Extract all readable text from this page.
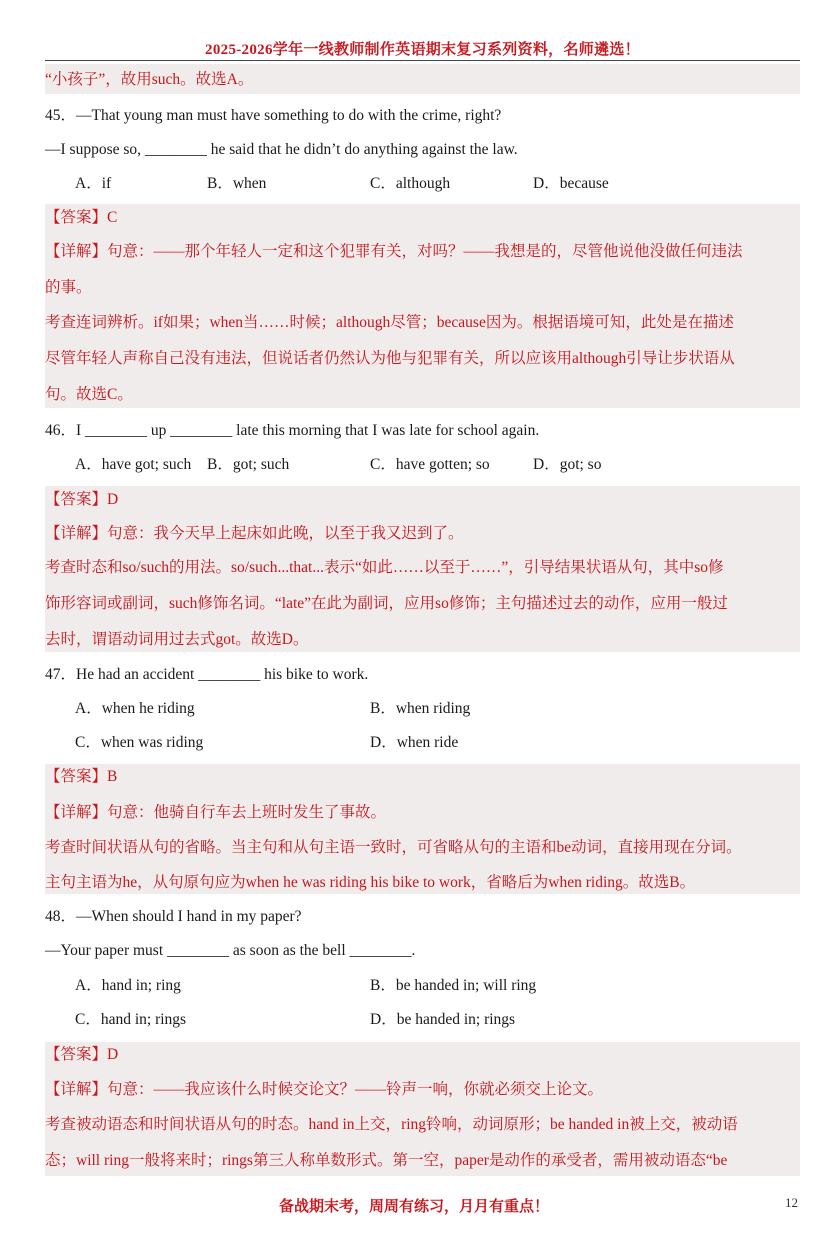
2025-2026学年一线教师制作英语期末复习系列资料，名师遴选！
“小孩子”，故用such。故选A。
45．—That young man must have something to do with the crime, right?
—I suppose so, ________ he said that he didn’t do anything against the law.
A．if	B．when	C．although	D．because
【答案】C
【详解】句意：——那个年轻人一定和这个犯罪有关，对吗？——我想是的，尽管他说他没做任何违法
的事。
考查连词辨析。if如果；when当……时候；although尽管；because因为。根据语境可知，此处是在描述
尽管年轻人声称自己没有违法，但说话者仍然认为他与犯罪有关，所以应该用although引导让步状语从
句。故选C。
46．I ________ up ________ late this morning that I was late for school again.
A．have got; such B．got; such	C．have gotten; so	D．got; so
【答案】D
【详解】句意：我今天早上起床如此晚，以至于我又迟到了。
考查时态和so/such的用法。so/such...that...表示“如此……以至于……”，引导结果状语从句，其中so修
饰形容词或副词，such修饰名词。“late”在此为副词，应用so修饰；主句描述过去的动作，应用一般过
去时，谓语动词用过去式got。故选D。
47．He had an accident ________ his bike to work.
A．when he riding	B．when riding
C．when was riding	D．when ride
【答案】B
【详解】句意：他骑自行车去上班时发生了事故。
考查时间状语从句的省略。当主句和从句主语一致时，可省略从句的主语和be动词，直接用现在分词。
主句主语为he，从句原句应为when he was riding his bike to work，省略后为when riding。故选B。
48．—When should I hand in my paper?
—Your paper must ________ as soon as the bell ________.
A．hand in; ring	B．be handed in; will ring
C．hand in; rings	D．be handed in; rings
【答案】D
【详解】句意：——我应该什么时候交论文？——铃声一响，你就必须交上论文。
考查被动语态和时间状语从句的时态。hand in上交，ring铃响，动词原形；be handed in被上交，被动语
态；will ring一般将来时；rings第三人称单数形式。第一空，paper是动作的承受者，需用被动语态“be
备战期末考，周周有练习，月月有重点！	12
